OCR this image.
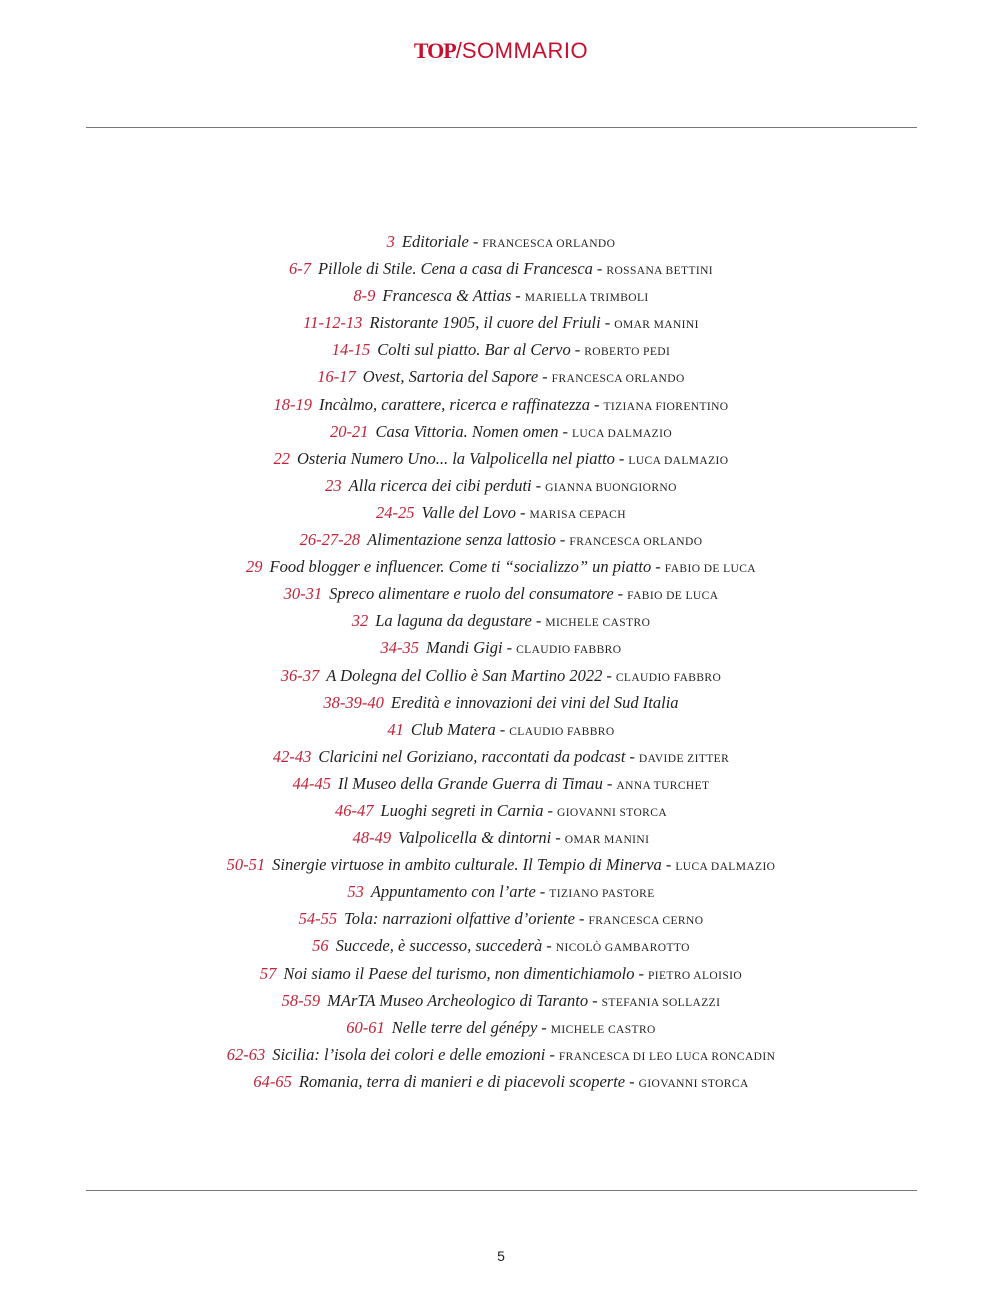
TOP/SOMMARIO
3 Editoriale - FRANCESCA ORLANDO
6-7 Pillole di Stile. Cena a casa di Francesca - ROSSANA BETTINI
8-9 Francesca & Attias - MARIELLA TRIMBOLI
11-12-13 Ristorante 1905, il cuore del Friuli - OMAR MANINI
14-15 Colti sul piatto. Bar al Cervo - ROBERTO PEDI
16-17 Ovest, Sartoria del Sapore - FRANCESCA ORLANDO
18-19 Incàlmo, carattere, ricerca e raffinatezza - TIZIANA FIORENTINO
20-21 Casa Vittoria. Nomen omen - LUCA DALMAZIO
22 Osteria Numero Uno... la Valpolicella nel piatto - LUCA DALMAZIO
23 Alla ricerca dei cibi perduti - GIANNA BUONGIORNO
24-25 Valle del Lovo - MARISA CEPACH
26-27-28 Alimentazione senza lattosio - FRANCESCA ORLANDO
29 Food blogger e influencer. Come ti “socializzo” un piatto - FABIO DE LUCA
30-31 Spreco alimentare e ruolo del consumatore - FABIO DE LUCA
32 La laguna da degustare - MICHELE CASTRO
34-35 Mandi Gigi - CLAUDIO FABBRO
36-37 A Dolegna del Collio è San Martino 2022 - CLAUDIO FABBRO
38-39-40 Eredità e innovazioni dei vini del Sud Italia
41 Club Matera - CLAUDIO FABBRO
42-43 Claricini nel Goriziano, raccontati da podcast - DAVIDE ZITTER
44-45 Il Museo della Grande Guerra di Timau - ANNA TURCHET
46-47 Luoghi segreti in Carnia - GIOVANNI STORCA
48-49 Valpolicella & dintorni - OMAR MANINI
50-51 Sinergie virtuose in ambito culturale. Il Tempio di Minerva - LUCA DALMAZIO
53 Appuntamento con l’arte - TIZIANO PASTORE
54-55 Tola: narrazioni olfattive d’oriente - FRANCESCA CERNO
56 Succede, è successo, succederà - NICOLÒ GAMBAROTTO
57 Noi siamo il Paese del turismo, non dimentichiamolo - PIETRO ALOISIO
58-59 MArTA Museo Archeologico di Taranto - STEFANIA SOLLAZZI
60-61 Nelle terre del génépy - MICHELE CASTRO
62-63 Sicilia: l’isola dei colori e delle emozioni - FRANCESCA DI LEO LUCA RONCADIN
64-65 Romania, terra di manieri e di piacevoli scoperte - GIOVANNI STORCA
5
